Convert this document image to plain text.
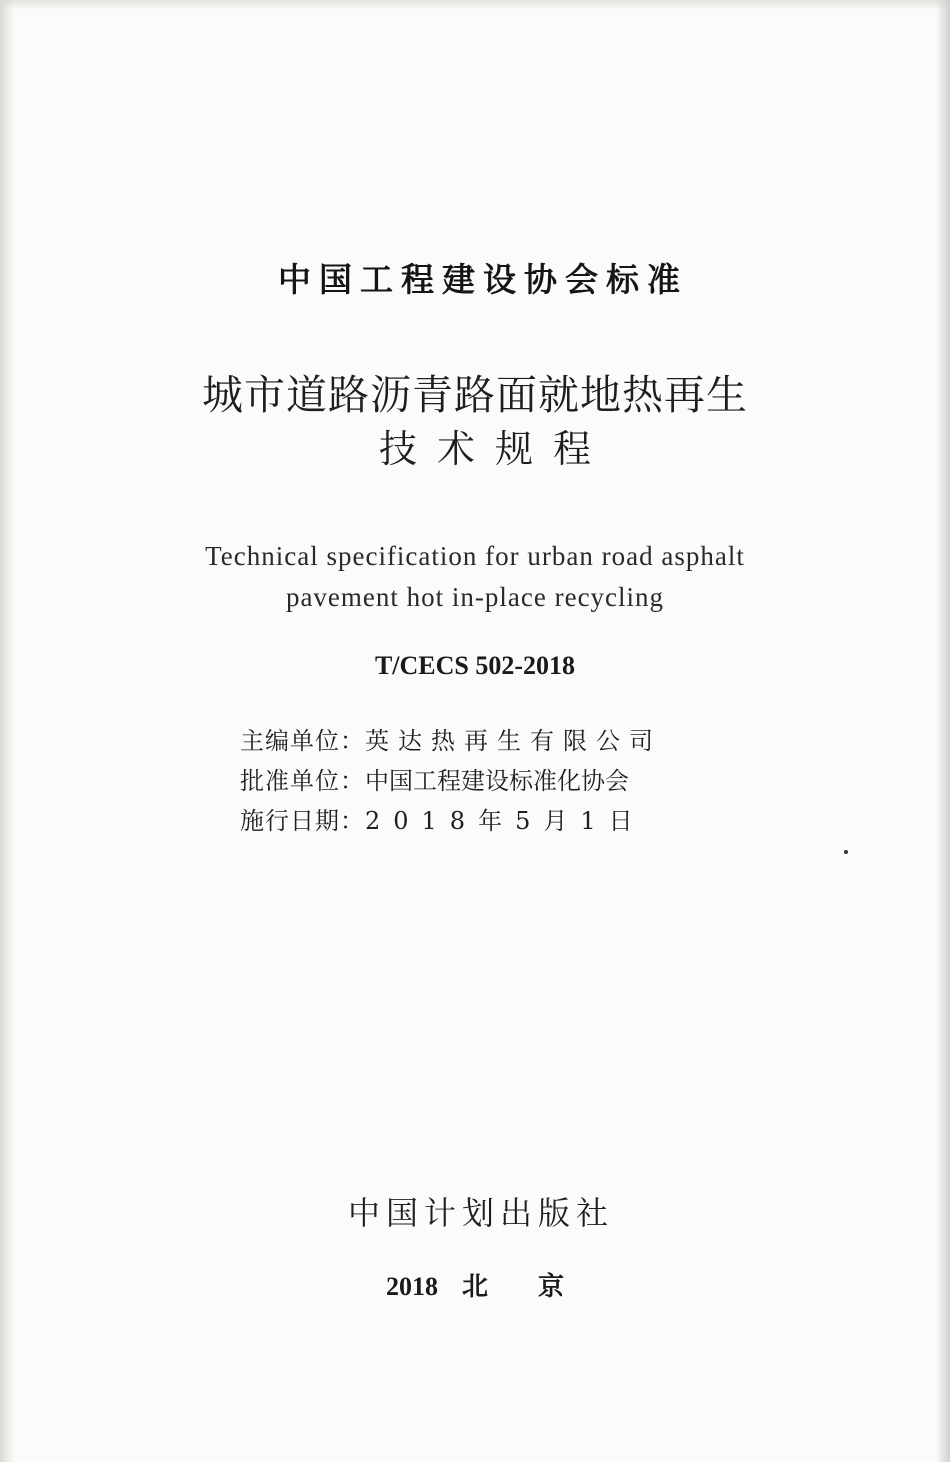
中国工程建设协会标准
城市道路沥青路面就地热再生
技术规程
Technical specification for urban road asphalt
pavement hot in-place recycling
T/CECS 502-2018
主编单位： 英达热再生有限公司
批准单位： 中国工程建设标准化协会
施行日期： 2018年5月1日
中国计划出版社
2018 北 京
